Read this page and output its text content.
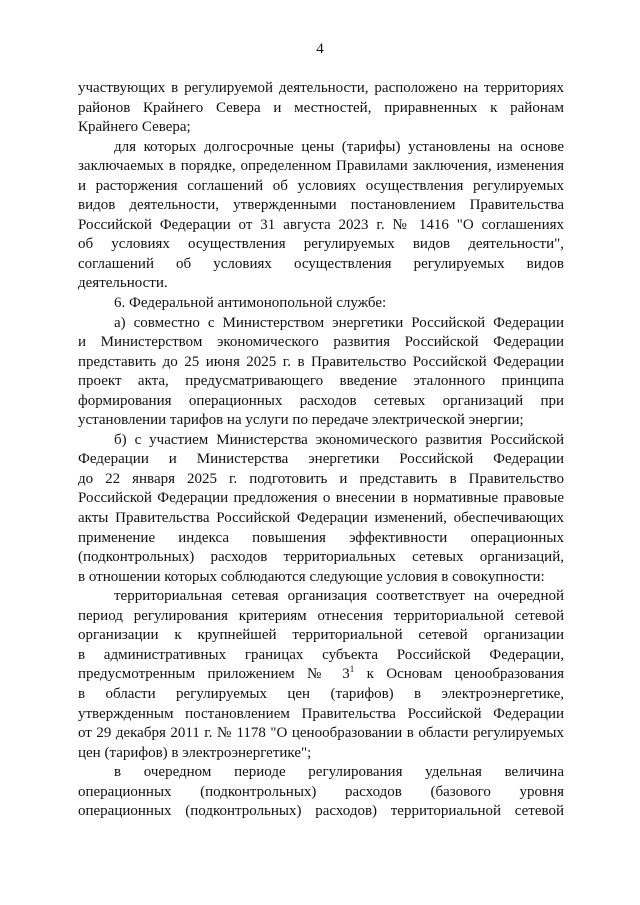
4

участвующих в регулируемой деятельности, расположено на территориях
районов Крайнего Севера и местностей, приравненных к районам
Крайнего Севера;

для которых долгосрочные цены (тарифы) установлены на основе
заключаемых в порядке, определенном Правилами заключения, изменения
и расторжения соглашений об условиях осуществления регулируемых
видов деятельности, утвержденными постановлением Правительства
Российской Федерации от 31 августа 2023 г. № 1416 "О соглашениях
об условиях осуществления регулируемых видов деятельности",
соглашений об условиях осуществления регулируемых видов
деятельности.

6. Федеральной антимонопольной службе:

а) совместно с Министерством энергетики Российской Федерации
и Министерством экономического развития Российской Федерации
представить до 25 июня 2025 г. в Правительство Российской Федерации
проект акта, предусматривающего введение эталонного принципа
формирования операционных расходов сетевых организаций при
установлении тарифов на услуги по передаче электрической энергии;

б) с участием Министерства экономического развития Российской
Федерации и Министерства энергетики Российской Федерации
до 22 января 2025 г. подготовить и представить в Правительство
Российской Федерации предложения о внесении в нормативные правовые
акты Правительства Российской Федерации изменений, обеспечивающих
применение индекса повышения эффективности операционных
(подконтрольных) расходов территориальных сетевых организаций,
в отношении которых соблюдаются следующие условия в совокупности:

территориальная сетевая организация соответствует на очередной
период регулирования критериям отнесения территориальной сетевой
организации к крупнейшей территориальной сетевой организации
в административных границах субъекта Российской Федерации,
предусмотренным приложением № $3^1$ к Основам ценообразования
в области регулируемых цен (тарифов) в электроэнергетике,
утвержденным постановлением Правительства Российской Федерации
от 29 декабря 2011 г. № 1178 "О ценообразовании в области регулируемых
цен (тарифов) в электроэнергетике";

в очередном периоде регулирования удельная величина
операционных (подконтрольных) расходов (базового уровня
операционных (подконтрольных) расходов) территориальной сетевой
